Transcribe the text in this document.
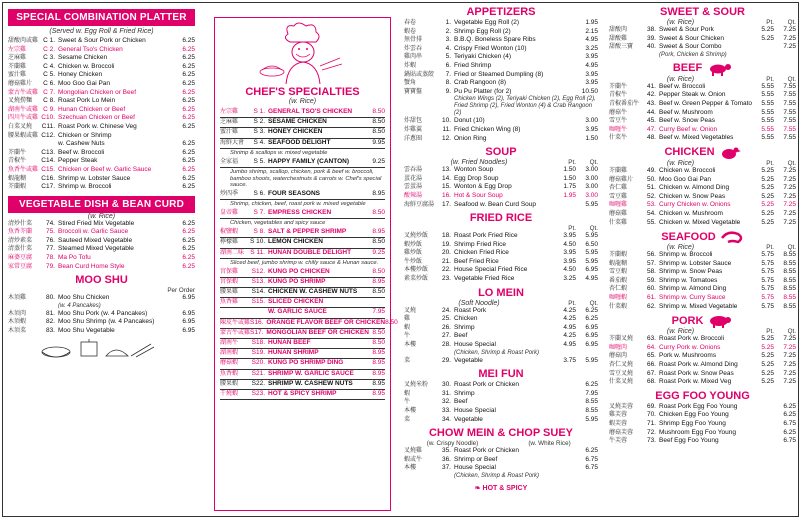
SPECIAL COMBINATION PLATTER
(Served w. Egg Roll & Fried Rice)
甜酸肉或雞 C 1. Sweet & Sour Pork or Chicken	6.25
左宗雞	C 2. General Tso's Chicken	6.25
芝麻雞	C 3. Sesame Chicken	6.25
芥蘭雞	C 4. Chicken w. Broccoli	6.25
蜜汁雞	C 5. Honey Chicken	6.25
蘑菇雞片	C 6. Moo Goo Gai Pan	6.25
蒙古牛或雞 C 7. Mongolian Chicken or Beef	6.25
叉燒撈麵	C 8. Roast Pork Lo Mein	6.25
湖南牛或雞 C 9. Hunan Chicken or Beef	6.25
四川牛或雞 C10. Szechuan Chicken or Beef	6.25
白菜叉燒	C11. Roast Pork w. Chinese Veg	6.25
腰果蝦或雞 C12. Chicken or Shrimp
w. Cashew Nuts	6.25
芥蘭牛	C13. Beef w. Broccoli	6.25
青椒牛	C14. Pepper Steak	6.25
魚香牛或雞 C15. Chicken or Beef w. Garlic Sauce	6.25
蝦龍糊	C16. Shrimp w. Lobster Sauce	6.25
芥蘭蝦	C17. Shrimp w. Broccoli	6.25
VEGETABLE DISH & BEAN CURD
(w. Rice)
清炒什菜	74. Stired Fried Mix Vegetable	6.25
魚香芥蘭	75. Broccoli w. Garlic Sauce	6.25
清炒素菜	76. Sauteed Mixed Vegetable	6.25
清蒸什菜	77. Steamed Mixed Vegetable	6.25
麻婆豆腐	78. Ma Po Tofu	6.25
家常豆腐	79. Bean Curd Home Style	6.25
MOO SHU
Per Order
木須雞	80. Moo Shu Chicken	6.95
(w. 4 Pancakes)
木須肉	81. Moo Shu Pork (w. 4 Pancakes)	6.95
木須蝦	82. Moo Shu Shrimp (w. 4 Pancakes)	6.95
木須菜	83. Moo Shu Vegetable	6.95
CHEF'S SPECIALTIES
(w. Rice)
左宗雞	S 1. GENERAL TSO'S CHICKEN	8.50
芝麻雞	S 2. SESAME CHICKEN	8.50
蜜汁雞	S 3. HONEY CHICKEN	8.50
海鮮大會	S 4. SEAFOOD DELIGHT	9.95
Shrimp & scallops w. mixed vegetable
全家福	S 5. HAPPY FAMILY (CANTON)	9.25
Jumbo shrimp, scallop, chicken, pork & beef w. broccoli, bamboo shoots, waterchestnuts & carrots w. Chef's special sauce.
炒四季	S 6. FOUR SEASONS	8.95
Shrimp, chicken, beef, roast pork w. mixed vegetable
皇帝雞	S 7. EMPRESS CHICKEN	8.50
Chicken, vegetables and spicy sauce
椒鹽蝦	S 8. SALT & PEPPER SHRIMP	8.95
檸檬雞	S 10. LEMON CHICKEN	8.50
湖南二味 S 11. HUNAN DOUBLE DELIGHT	9.25
Sliced beef, jumbo shrimp w. chilly sauce & Hunan sauce.
宮保雞	S12. KUNG PO CHICKEN	8.50
宮保蝦	S13. KUNG PO SHRIMP	8.95
腰果雞	S14. CHICKEN W. CASHEW NUTS	8.50
魚香雞	S15. SLICED CHICKEN
W. GARLIC SAUCE	7.95
陳皮牛或雞 S16. ORANGE FLAVOR BEEF OR CHICKEN 8.50
蒙古牛或雞 S17. MONGOLIAN BEEF OR CHICKEN 8.50
湖南牛	S18. HUNAN BEEF	8.50
湖南蝦	S19. HUNAN SHRIMP	8.95
蘑菇蝦	S20. KUNG PO SHRIMP DING	8.95
魚香蝦	S21. SHRIMP W. GARLIC SAUCE	8.95
腰果蝦	S22. SHRIMP W. CASHEW NUTS	8.95
干燒蝦	S23. HOT & SPICY SHRIMP	8.95
APPETIZERS
春卷	1. Vegetable Egg Roll (2)	1.95
蝦卷	2. Shrimp Egg Roll (2)	2.15
無骨排	3. B.B.Q. Boneless Spare Ribs	4.95
炸雲吞	4. Crispy Fried Wonton (10)	3.25
雞肉串	5. Teriyaki Chicken (4)	3.95
炸蝦	6. Fried Shrimp	4.95
鍋貼或蒸餃	7. Fried or Steamed Dumpling (8)	3.95
蟹角	8. Crab Rangoon (8)	3.95
寶寶盤	9. Pu Pu Platter (for 2)	10.50
Chicken Wings (2), Teriyaki Chicken (2), Egg Roll (2), Fried Shrimp (2), Fried Wonton (4) & Crab Rangoon (2)
炸甜包	10. Donut (10)	3.00
炸雞翼	11. Fried Chicken Wing (8)	3.95
洋蔥圈	12. Onion Ring	1.50
SOUP
(w. Fried Noodles)	Pt.	Qt.
雲吞湯	13. Wonton Soup	1.50	3.00
蛋花湯	14. Egg Drop Soup	1.50	3.00
雲蛋湯	15. Wonton & Egg Drop	1.75	3.00
酸辣湯	16. Hot & Sour Soup	1.95	3.00
海鮮豆腐湯	17. Seafood w. Bean Curd Soup	5.95
FRIED RICE
Pt.	Qt.
叉燒炒飯	18. Roast Pork Fried Rice	3.95	5.95
蝦炒飯	19. Shrimp Fried Rice	4.50	6.50
雞炒飯	20. Chicken Fried Rice	3.95	5.95
牛炒飯	21. Beef Fried Rice	3.95	5.95
本樓炒飯	22. House Special Fried Rice	4.50	6.95
素菜炒飯	23. Vegetable Fried Rice	3.25	4.95
LO MEIN
(Soft Noodle)	Pt.	Qt.
叉燒	24. Roast Pork	4.25	6.25
雞	25. Chicken	4.25	6.25
蝦	26. Shrimp	4.95	6.95
牛	27. Beef	4.25	6.95
本樓	28. House Special	4.95	6.95
(Chicken, Shrimp & Roast Pork)
菜	29. Vegetable	3.75	5.95
MEI FUN
叉燒米粉	30. Roast Pork or Chicken	6.25
蝦	31. Shrimp	7.95
牛	32. Beef	8.55
本樓	33. House Special	8.55
菜	34. Vegetable	5.95
CHOW MEIN & CHOP SUEY
(w. Crispy Noodle)	(w. White Rice)
叉燒雞	35. Roast Pork or Chicken	6.25
蝦或牛	36. Shrimp or Beef	6.75
本樓	37. House Special	6.75
(Chicken, Shrimp & Roast Pork)
❧ HOT & SPICY
SWEET & SOUR
(w. Rice)	Pt.	Qt.
甜酸肉	38. Sweet & Sour Pork	5.25	7.25
甜酸雞	39. Sweet & Sour Chicken	5.25	7.25
甜酸三寶	40. Sweet & Sour Combo	7.25
(Pork, Chicken & Shrimp)
BEEF
(w. Rice)	Pt.	Qt.
芥蘭牛	41. Beef w. Broccoli	5.55	7.55
青椒牛	42. Pepper Steak w. Onion	5.55	7.55
青椒番茄牛	43. Beef w. Green Pepper & Tomato	5.55	7.55
蘑菇牛	44. Beef w. Mushroom	5.55	7.55
雪豆牛	45. Beef w. Snow Peas	5.55	7.55
咖喱牛	47. Curry Beef w. Onion	5.55	7.55
什菜牛	48. Beef w. Mixed Vegetables	5.55	7.55
CHICKEN
(w. Rice)	Pt.	Qt.
芥蘭雞	49. Chicken w. Broccoli	5.25	7.25
蘑菇雞片	50. Moo Goo Gai Pan	5.25	7.25
杏仁雞	51. Chicken w. Almond Ding	5.25	7.25
雪豆雞	52. Chicken w. Snow Peas	5.25	7.25
咖喱雞	53. Curry Chicken w. Onions	5.25	7.25
蘑菇雞	54. Chicken w. Mushroom	5.25	7.25
什菜雞	55. Chicken w. Mixed Vegetable	5.25	7.25
SEAFOOD
(w. Rice)	Pt.	Qt.
芥蘭蝦	56. Shrimp w. Broccoli	5.75	8.55
蝦龍糊	57. Shrimp w. Lobster Sauce	5.75	8.55
雪豆蝦	58. Shrimp w. Snow Peas	5.75	8.55
番茄蝦	59. Shrimp w. Tomatoes	5.75	8.55
杏仁蝦	60. Shrimp w. Almond Ding	5.75	8.55
咖喱蝦	61. Shrimp w. Curry Sauce	5.75	8.55
什菜蝦	62. Shrimp w. Mixed Vegetable	5.75	8.55
PORK
(w. Rice)	Pt.	Qt.
芥蘭叉燒	63. Roast Pork w. Broccoli	5.25	7.25
咖喱肉	64. Curry Pork w. Onions	5.25	7.25
蘑菇肉	65. Pork w. Mushrooms	5.25	7.25
杏仁叉燒	66. Roast Pork w. Almond Ding	5.25	7.25
雪豆叉燒	67. Roast Pork w. Snow Peas	5.25	7.25
什菜叉燒	68. Roast Pork w. Mixed Veg	5.25	7.25
EGG FOO YOUNG
叉燒芙蓉	69. Roast Pork Egg Foo Young	6.25
雞芙蓉	70. Chicken Egg Foo Young	6.25
蝦芙蓉	71. Shrimp Egg Foo Young	6.75
蘑菇芙蓉	72. Mushroom Egg Foo Young	6.25
牛芙蓉	73. Beef Egg Foo Young	6.75
